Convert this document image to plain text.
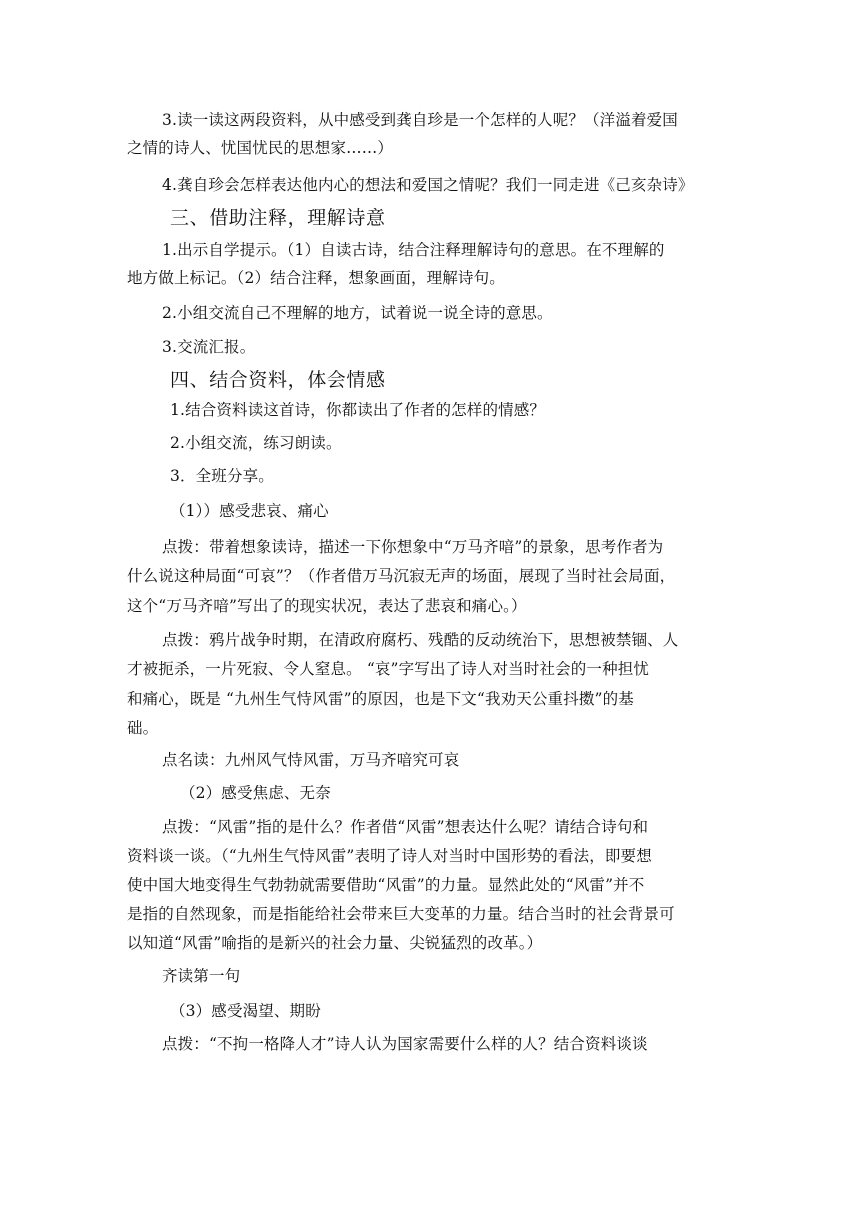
3.读一读这两段资料，从中感受到龚自珍是一个怎样的人呢？（洋溢着爱国
之情的诗人、忧国忧民的思想家……）
4.龚自珍会怎样表达他内心的想法和爱国之情呢？我们一同走进《己亥杂诗》
三、借助注释，理解诗意
1.出示自学提示。（1）自读古诗，结合注释理解诗句的意思。在不理解的
地方做上标记。（2）结合注释，想象画面，理解诗句。
2.小组交流自己不理解的地方，试着说一说全诗的意思。
3.交流汇报。
四、结合资料，体会情感
1.结合资料读这首诗，你都读出了作者的怎样的情感？
2.小组交流，练习朗读。
3．全班分享。
（1））感受悲哀、痛心
点拨：带着想象读诗，描述一下你想象中“万马齐喑”的景象，思考作者为
什么说这种局面“可哀”？（作者借万马沉寂无声的场面，展现了当时社会局面，
这个“万马齐喑”写出了的现实状况，表达了悲哀和痛心。）
点拨：鸦片战争时期，在清政府腐朽、残酷的反动统治下，思想被禁锢、人
才被扼杀，一片死寂、令人窒息。 “哀”字写出了诗人对当时社会的一种担忧
和痛心，既是 “九州生气恃风雷”的原因，也是下文“我劝天公重抖擞”的基
础。
点名读：九州风气恃风雷，万马齐喑究可哀
（2）感受焦虑、无奈
点拨：“风雷”指的是什么？作者借“风雷”想表达什么呢？请结合诗句和
资料谈一谈。（“九州生气恃风雷”表明了诗人对当时中国形势的看法，即要想
使中国大地变得生气勃勃就需要借助“风雷”的力量。显然此处的“风雷”并不
是指的自然现象，而是指能给社会带来巨大变革的力量。结合当时的社会背景可
以知道“风雷”喻指的是新兴的社会力量、尖锐猛烈的改革。）
齐读第一句
（3）感受渴望、期盼
点拨：“不拘一格降人才”诗人认为国家需要什么样的人？结合资料谈谈
